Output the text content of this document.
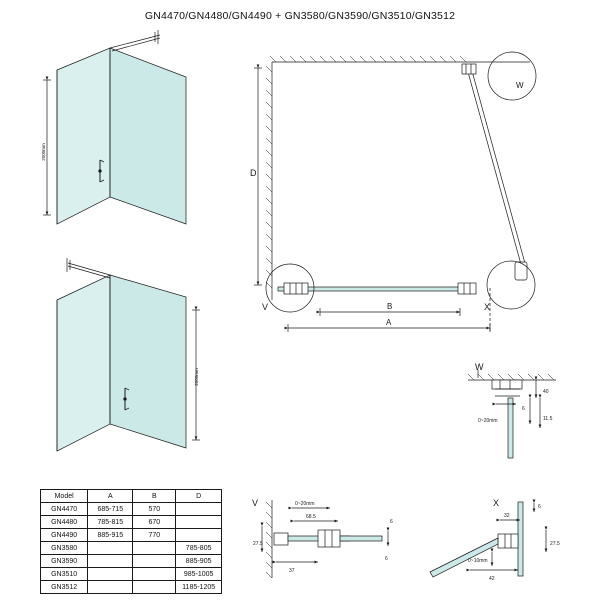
GN4470/GN4480/GN4490 + GN3580/GN3590/GN3510/GN3512
2000mm
2000mm
W
D
B
A
V	X
W
40
11.5
0~20mm
6
V	0~20mm
68.5
6
27.5
37
X	6
32
27.5
0~10mm
42
6
Model	A	B	D
GN4470	685-715	570	
GN4480	785-815	670	
GN4490	885-915	770	
GN3580			785-805
GN3590			885-905
GN3510			985-1005
GN3512			1185-1205
